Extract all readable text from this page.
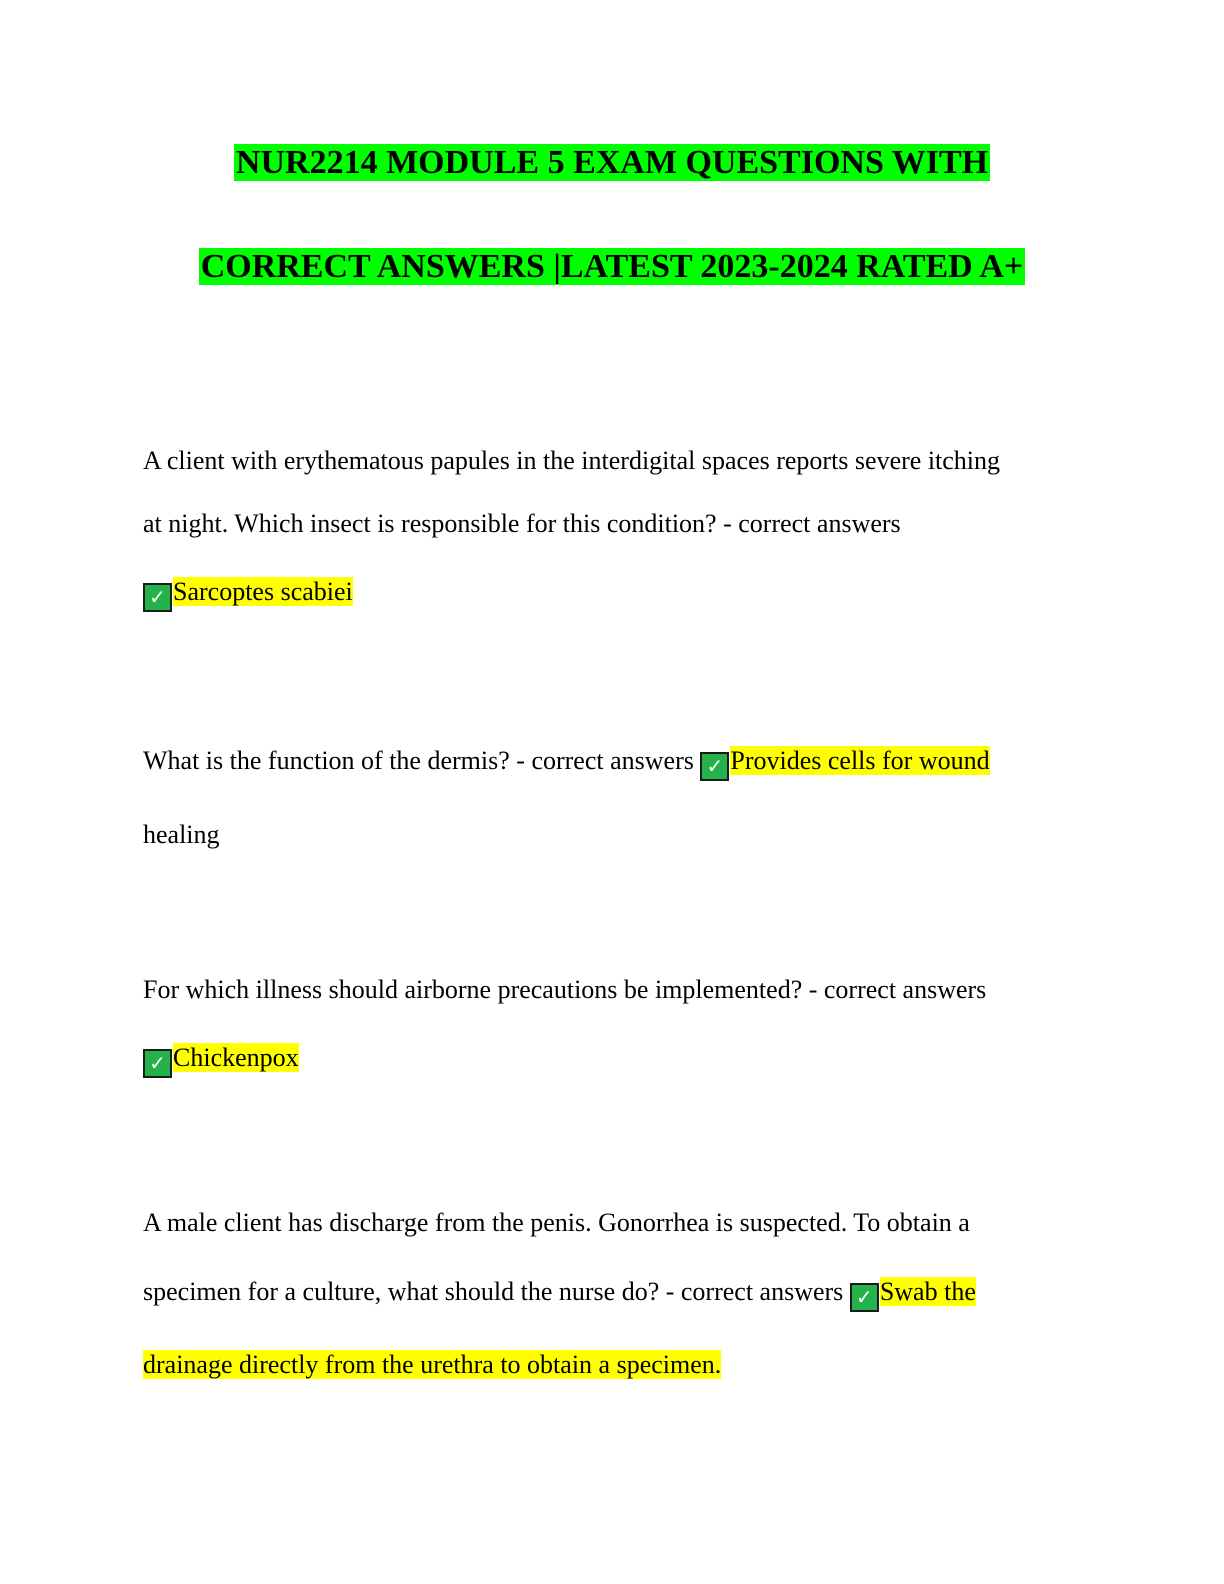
NUR2214 MODULE 5 EXAM QUESTIONS WITH
CORRECT ANSWERS |LATEST 2023-2024 RATED A+
A client with erythematous papules in the interdigital spaces reports severe itching
at night. Which insect is responsible for this condition? - correct answers
✓ Sarcoptes scabiei
What is the function of the dermis? - correct answers ✓ Provides cells for wound
healing
For which illness should airborne precautions be implemented? - correct answers
✓ Chickenpox
A male client has discharge from the penis. Gonorrhea is suspected. To obtain a
specimen for a culture, what should the nurse do? - correct answers ✓ Swab the
drainage directly from the urethra to obtain a specimen.
